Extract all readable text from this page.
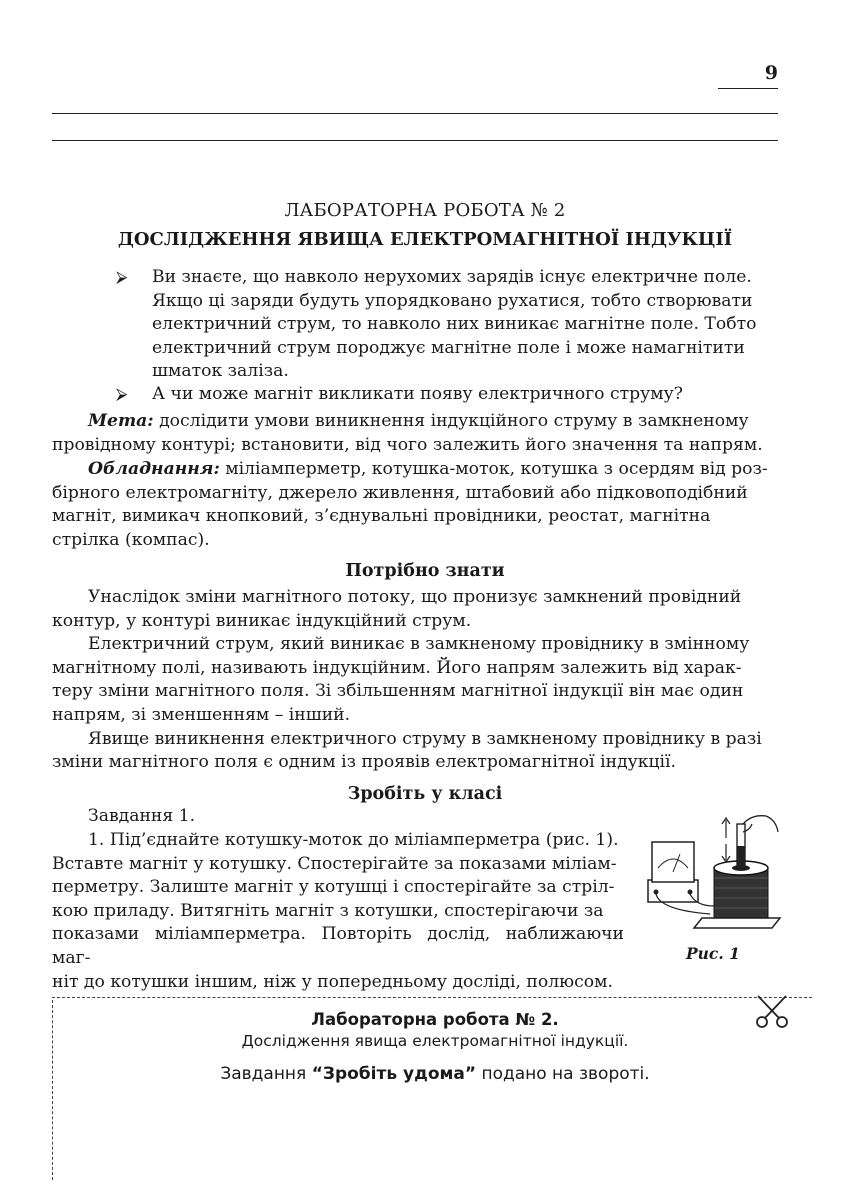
9
ЛАБОРАТОРНА РОБОТА № 2
ДОСЛІДЖЕННЯ ЯВИЩА ЕЛЕКТРОМАГНІТНОЇ ІНДУКЦІЇ
⮚ Ви знаєте, що навколо нерухомих зарядів існує електричне поле.

Якщо ці заряди будуть упорядковано рухатися, тобто створювати

електричний струм, то навколо них виникає магнітне поле. Тобто

електричний струм породжує магнітне поле і може намагнітити

шматок заліза.

⮚ А чи може магніт викликати появу електричного струму?

Мета: дослідити умови виникнення індукційного струму в замкненому

провідному контурі; встановити, від чого залежить його значення та напрям.

Обладнання: міліамперметр, котушка-моток, котушка з осердям від роз-

бірного електромагніту, джерело живлення, штабовий або підковоподібний

магніт, вимикач кнопковий, з’єднувальні провідники, реостат, магнітна

стрілка (компас).

Потрібно знати

Унаслідок зміни магнітного потоку, що пронизує замкнений провідний

контур, у контурі виникає індукційний струм.

Електричний струм, який виникає в замкненому провіднику в змінному

магнітному полі, називають індукційним. Його напрям залежить від харак-

теру зміни магнітного поля. Зі збільшенням магнітної індукції він має один

напрям, зі зменшенням – інший.

Явище виникнення електричного струму в замкненому провіднику в разі

зміни магнітного поля є одним із проявів електромагнітної індукції.

Зробіть у класі
Завдання 1.

1. Під’єднайте котушку-моток до міліамперметра (рис. 1).

Вставте магніт у котушку. Спостерігайте за показами мiлiам-

перметру. Залиште магніт у котушці і спостерігайте за стріл-

кою приладу. Витягніть магніт з котушки, спостерігаючи за

показами міліамперметра. Повторіть дослід, наближаючи маг-

ніт до котушки іншим, ніж у попередньому досліді, полюсом.

Рис. 1
Лабораторна робота № 2.
Дослідження явища електромагнітної індукції.
Завдання “Зробіть удома” подано на звороті.
